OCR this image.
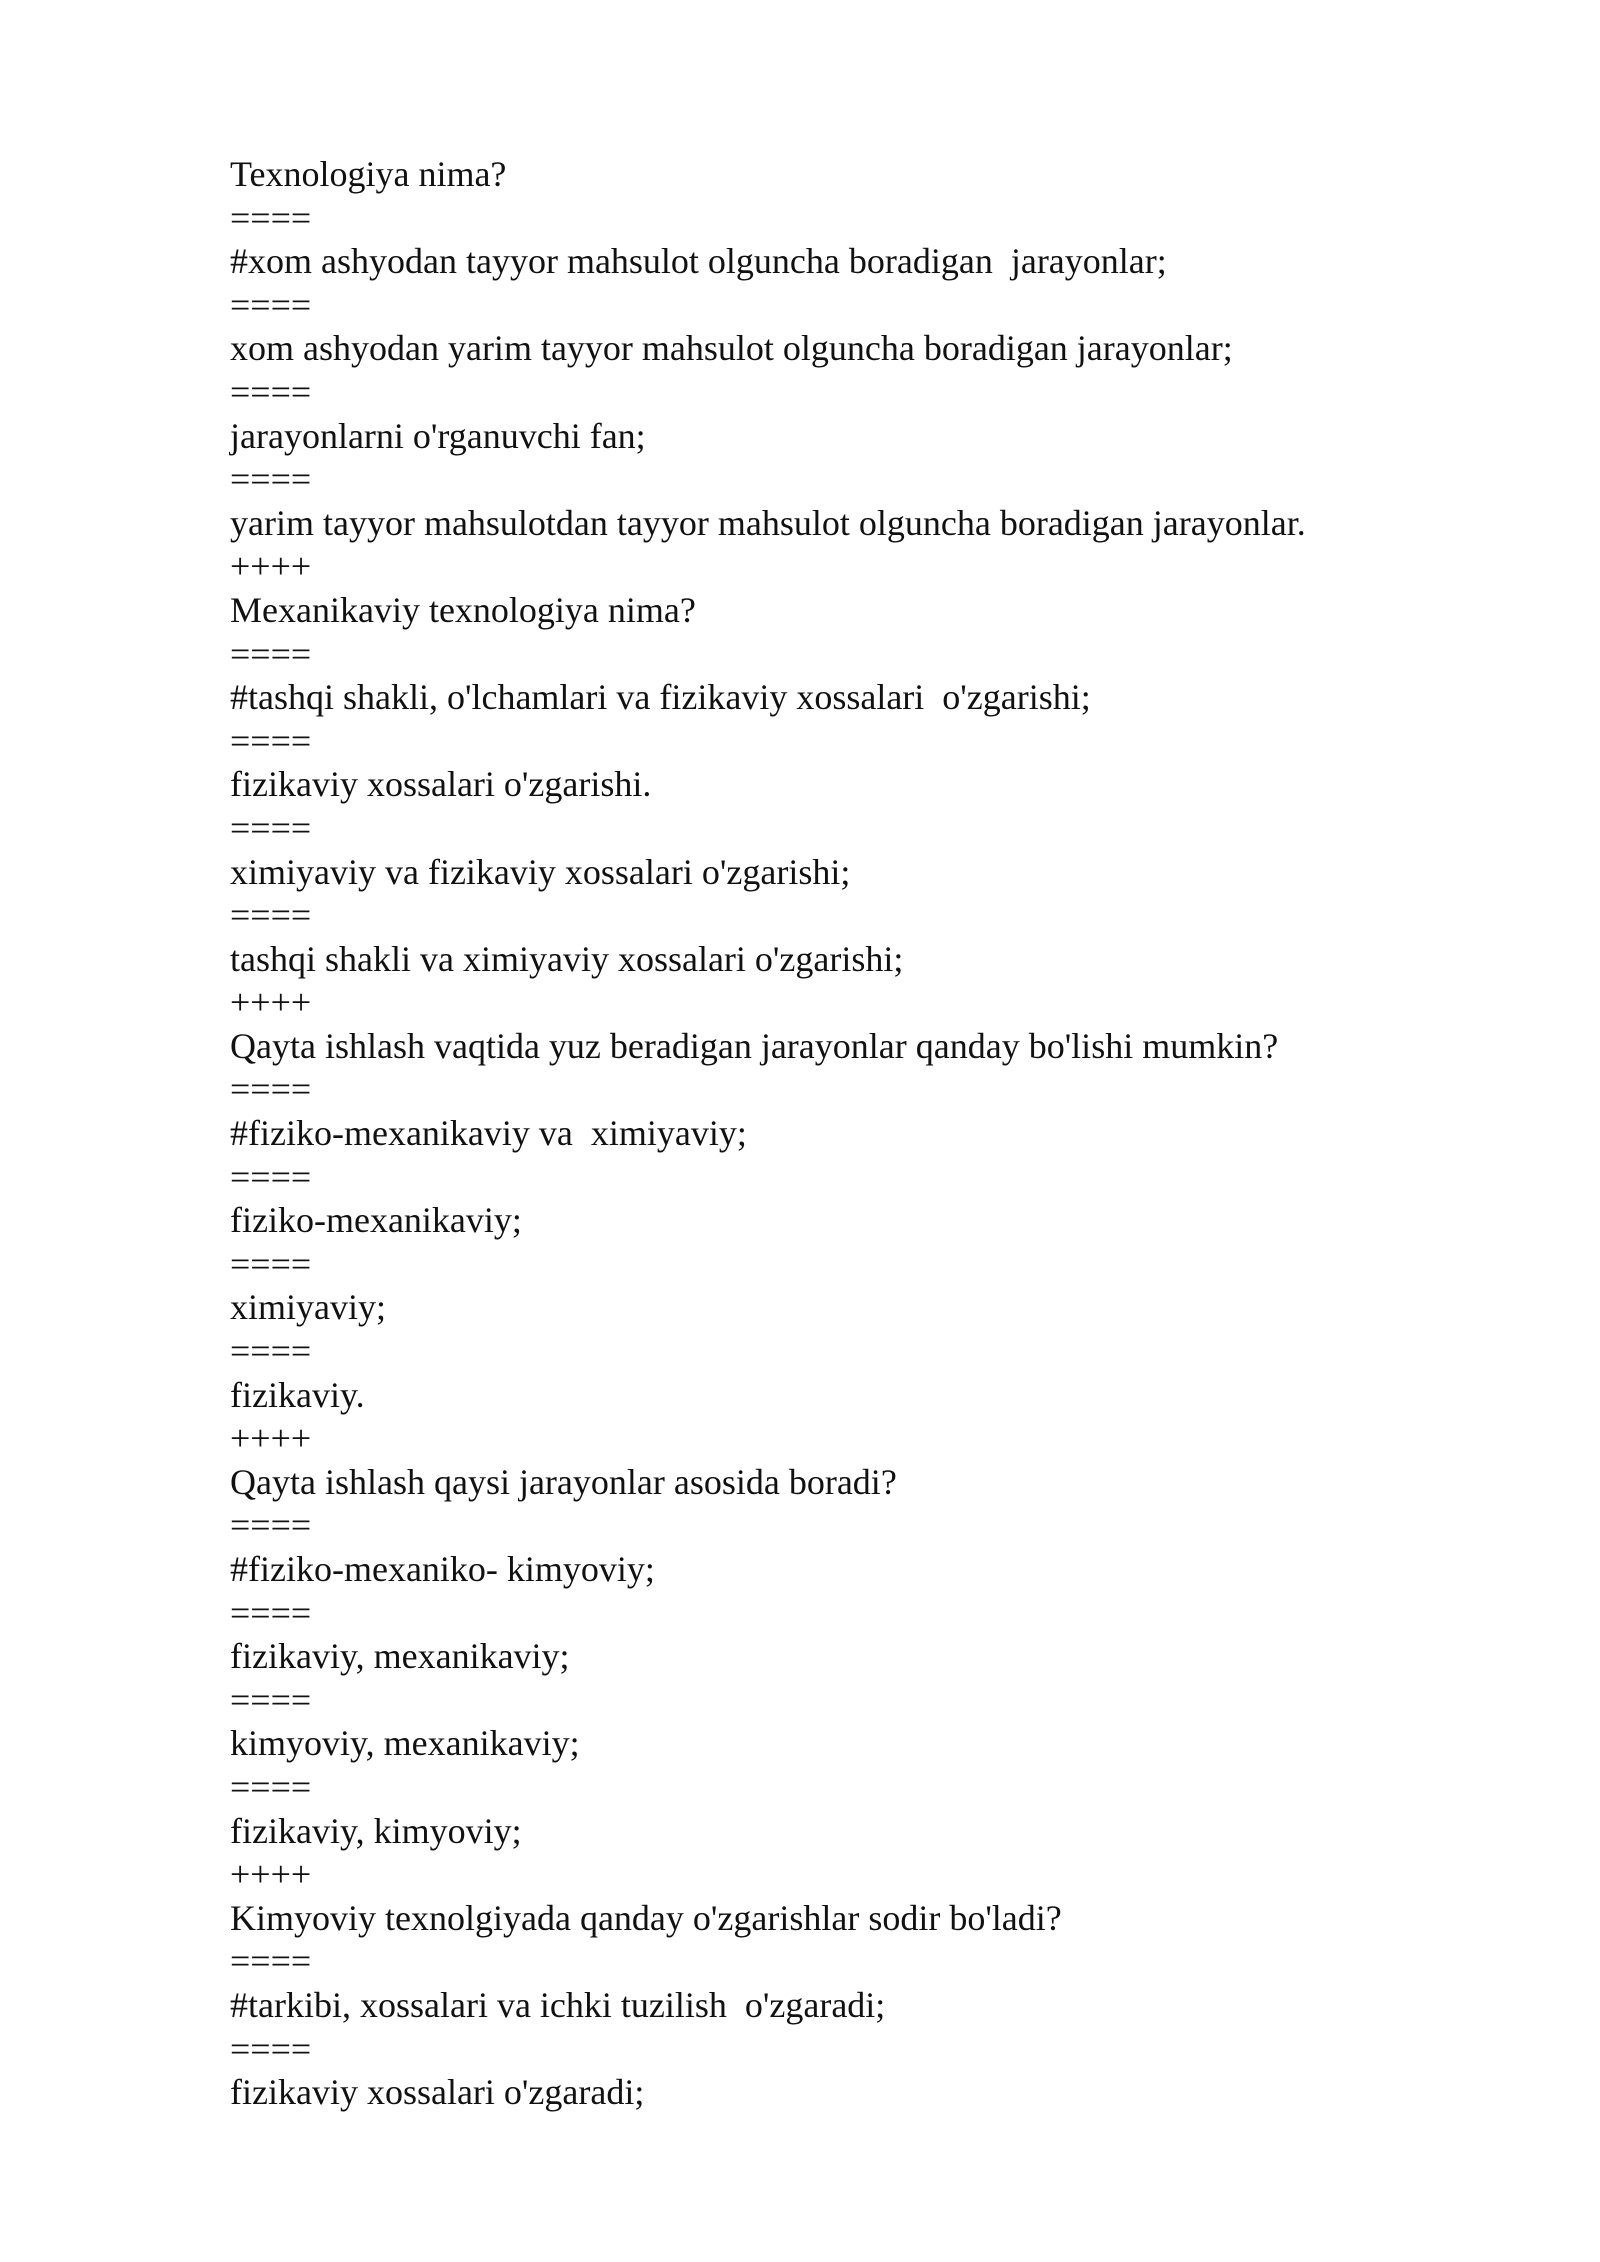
Texnologiya nima?
====
#xom ashyodan tayyor mahsulot olguncha boradigan  jarayonlar;
====
xom ashyodan yarim tayyor mahsulot olguncha boradigan jarayonlar;
====
jarayonlarni o'rganuvchi fan;
====
yarim tayyor mahsulotdan tayyor mahsulot olguncha boradigan jarayonlar.
++++
Mexanikaviy texnologiya nima?
====
#tashqi shakli, o'lchamlari va fizikaviy xossalari  o'zgarishi;
====
fizikaviy xossalari o'zgarishi.
====
ximiyaviy va fizikaviy xossalari o'zgarishi;
====
tashqi shakli va ximiyaviy xossalari o'zgarishi;
++++
Qayta ishlash vaqtida yuz beradigan jarayonlar qanday bo'lishi mumkin?
====
#fiziko-mexanikaviy va  ximiyaviy;
====
fiziko-mexanikaviy;
====
ximiyaviy;
====
fizikaviy.
++++
Qayta ishlash qaysi jarayonlar asosida boradi?
====
#fiziko-mexaniko- kimyoviy;
====
fizikaviy, mexanikaviy;
====
kimyoviy, mexanikaviy;
====
fizikaviy, kimyoviy;
++++
Kimyoviy texnolgiyada qanday o'zgarishlar sodir bo'ladi?
====
#tarkibi, xossalari va ichki tuzilish  o'zgaradi;
====
fizikaviy xossalari o'zgaradi;
